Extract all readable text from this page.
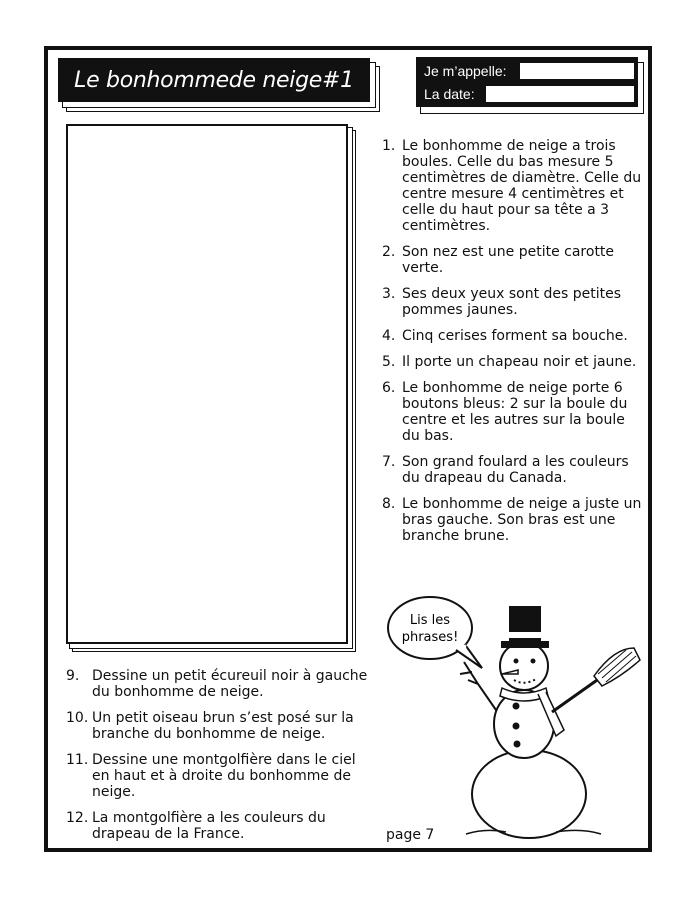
Le bonhommede neige#1	Je m’appelle:
La date:
1. Le bonhomme de neige a trois boules. Celle du bas mesure 5 centimètres de diamètre. Celle du centre mesure 4 centimètres et celle du haut pour sa tête a 3 centimètres.
2. Son nez est une petite carotte verte.
3. Ses deux yeux sont des petites pommes jaunes.
4. Cinq cerises forment sa bouche.
5. Il porte un chapeau noir et jaune.
6. Le bonhomme de neige porte 6 boutons bleus: 2 sur la boule du centre et les autres sur la boule du bas.
7. Son grand foulard a les couleurs du drapeau du Canada.
8. Le bonhomme de neige a juste un bras gauche. Son bras est une branche brune.
9. Dessine un petit écureuil noir à gauche du bonhomme de neige.
10. Un petit oiseau brun s’est posé sur la branche du bonhomme de neige.
11. Dessine une montgolfière dans le ciel en haut et à droite du bonhomme de neige.
12. La montgolfière a les couleurs du drapeau de la France.	page 7
Lis les
phrases!
